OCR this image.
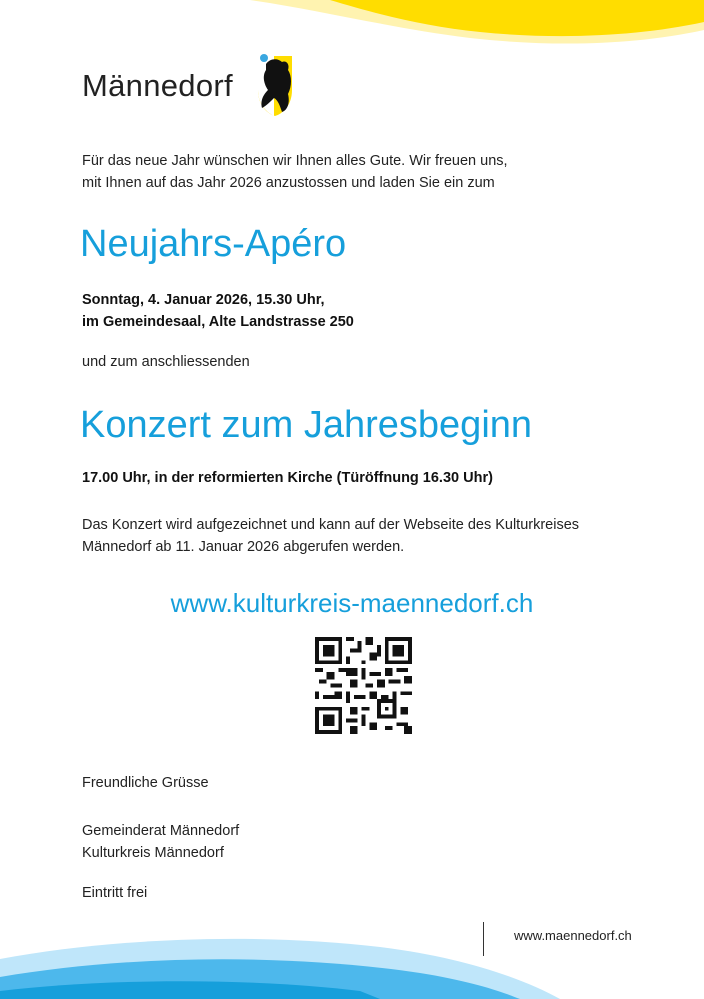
Männedorf
Für das neue Jahr wünschen wir Ihnen alles Gute. Wir freuen uns,
mit Ihnen auf das Jahr 2026 anzustossen und laden Sie ein zum
Neujahrs-Apéro
Sonntag, 4. Januar 2026, 15.30 Uhr,
im Gemeindesaal, Alte Landstrasse 250
und zum anschliessenden
Konzert zum Jahresbeginn
17.00 Uhr, in der reformierten Kirche (Türöffnung 16.30 Uhr)
Das Konzert wird aufgezeichnet und kann auf der Webseite des Kulturkreises
Männedorf ab 11. Januar 2026 abgerufen werden.
www.kulturkreis-maennedorf.ch
Freundliche Grüsse
Gemeinderat Männedorf
Kulturkreis Männedorf
Eintritt frei
www.maennedorf.ch
